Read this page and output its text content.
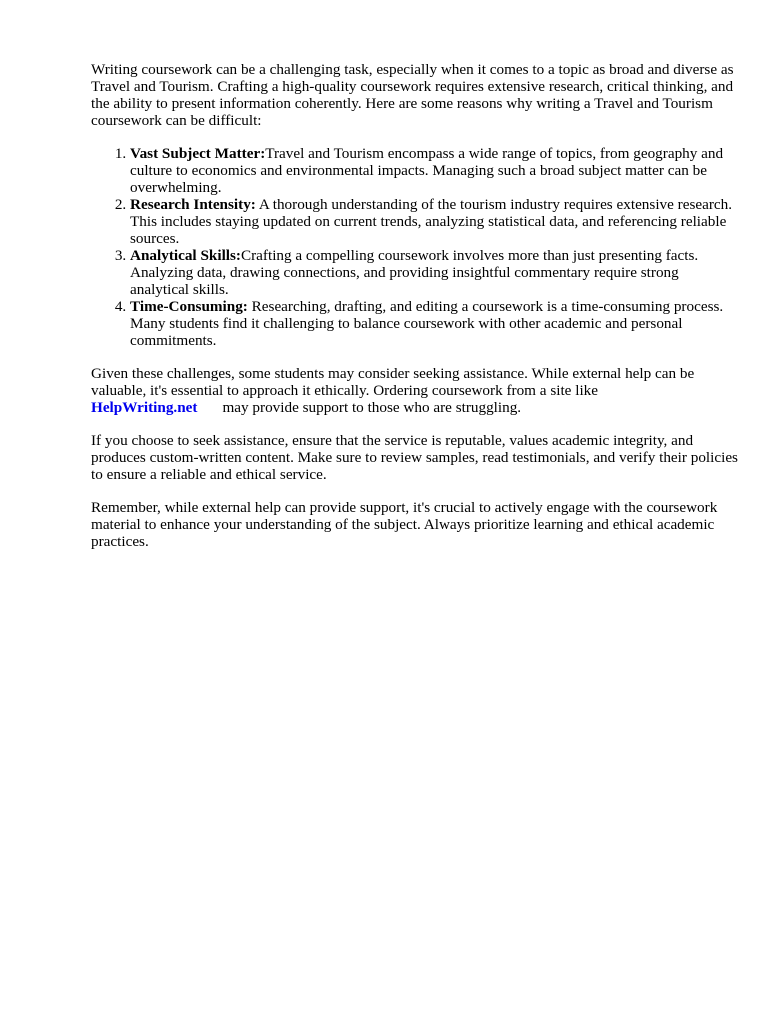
Writing coursework can be a challenging task, especially when it comes to a topic as broad and diverse as Travel and Tourism. Crafting a high-quality coursework requires extensive research, critical thinking, and the ability to present information coherently. Here are some reasons why writing a Travel and Tourism coursework can be difficult:

1. Vast Subject Matter:Travel and Tourism encompass a wide range of topics, from geography and culture to economics and environmental impacts. Managing such a broad subject matter can be overwhelming.
2. Research Intensity: A thorough understanding of the tourism industry requires extensive research. This includes staying updated on current trends, analyzing statistical data, and referencing reliable sources.
3. Analytical Skills:Crafting a compelling coursework involves more than just presenting facts. Analyzing data, drawing connections, and providing insightful commentary require strong analytical skills.
4. Time-Consuming: Researching, drafting, and editing a coursework is a time-consuming process. Many students find it challenging to balance coursework with other academic and personal commitments.

Given these challenges, some students may consider seeking assistance. While external help can be valuable, it's essential to approach it ethically. Ordering coursework from a site like
HelpWriting.net may provide support to those who are struggling.

If you choose to seek assistance, ensure that the service is reputable, values academic integrity, and produces custom-written content. Make sure to review samples, read testimonials, and verify their policies to ensure a reliable and ethical service.

Remember, while external help can provide support, it's crucial to actively engage with the coursework material to enhance your understanding of the subject. Always prioritize learning and ethical academic practices.
